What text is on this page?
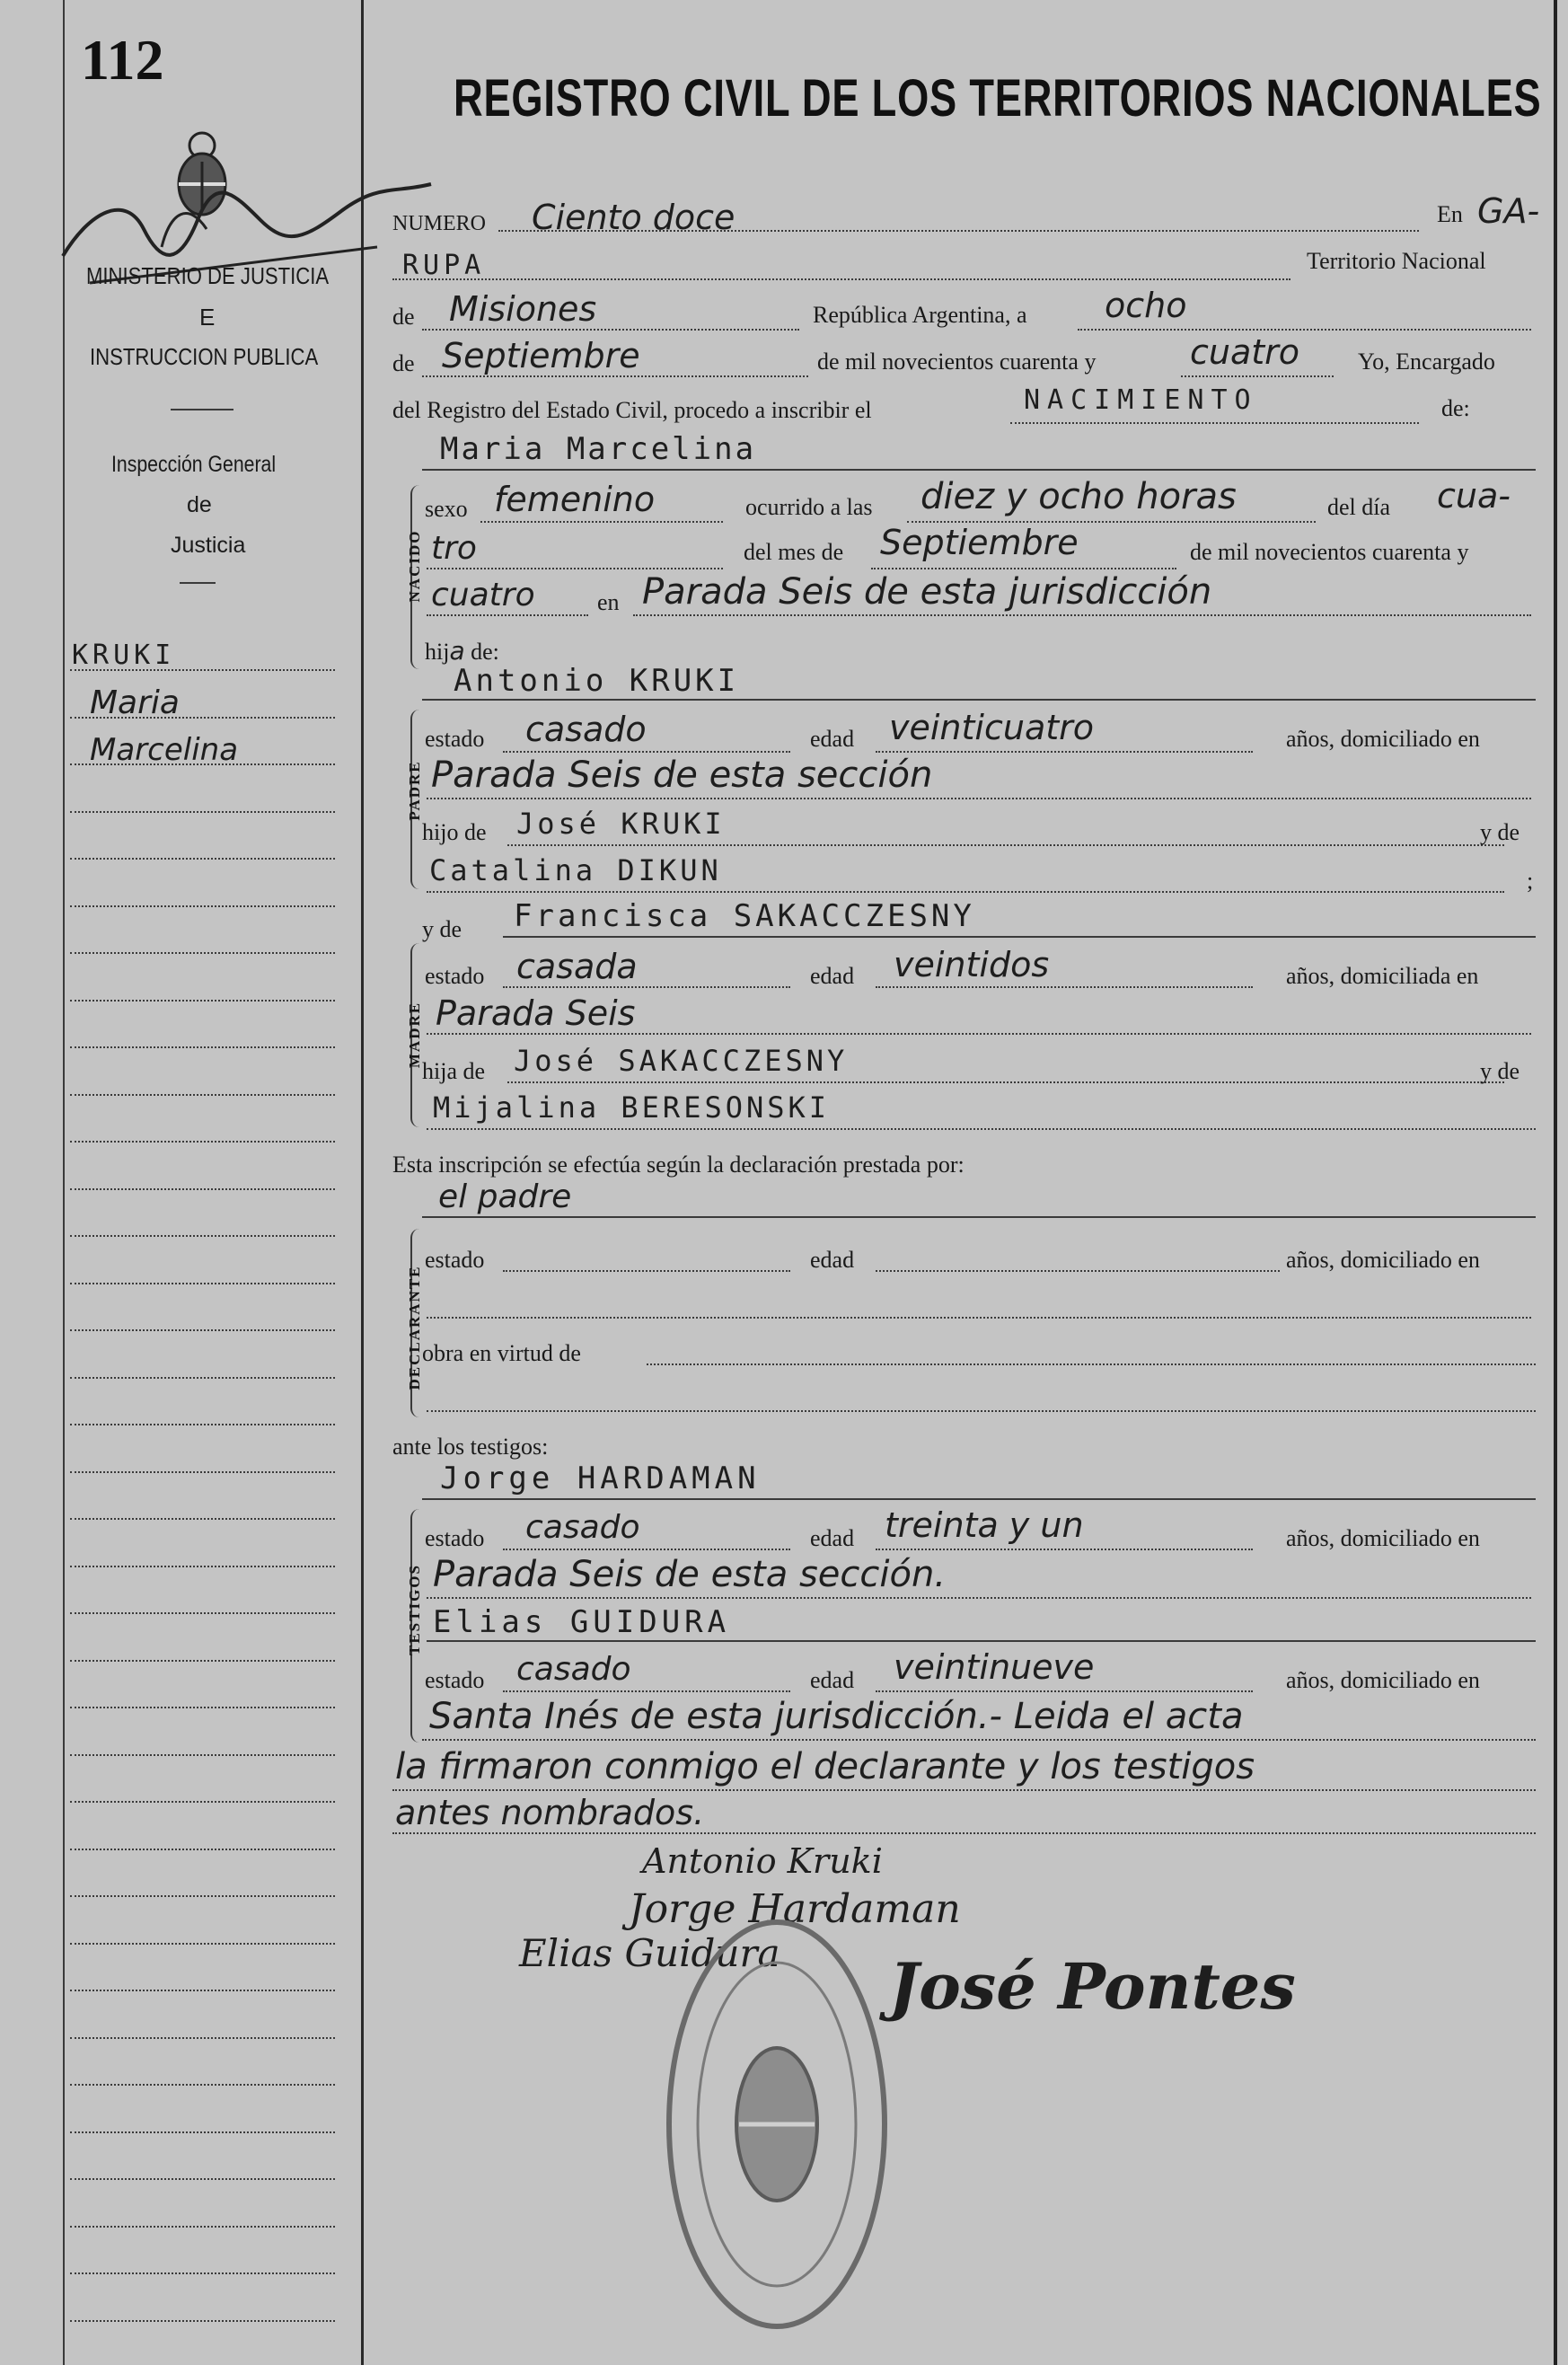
112
REGISTRO CIVIL DE LOS TERRITORIOS NACIONALES
MINISTERIO DE JUSTICIA
E
INSTRUCCION PUBLICA
Inspección General
de
Justicia
KRUKI
Maria
Marcelina
NUMERO Ciento doce	En GA-
RUPA	Territorio Nacional
de Misiones	República Argentina, a ocho
de Septiembre	de mil novecientos cuarenta y	cuatro Yo, Encargado
del Registro del Estado Civil, procedo a inscribir el	NACIMIENTO	de:
Maria Marcelina
NACIDO
sexo femenino	ocurrido a las diez y ocho horas	del día cua-
tro	del mes de Septiembre	de mil novecientos cuarenta y
cuatro	en Parada Seis de esta jurisdicción
hija de:
Antonio KRUKI
PADRE
estado casado	edad veinticuatro	años, domiciliado en
Parada Seis de esta sección
hijo de José KRUKI	y de
Catalina DIKUN	;
y de Francisca SAKACCZESNY
MADRE
estado casada	edad veintidos	años, domiciliada en
Parada Seis
hija de José SAKACCZESNY	y de
Mijalina BERESONSKI
Esta inscripción se efectúa según la declaración prestada por:
el padre
DECLARANTE
estado	edad	años, domiciliado en
obra en virtud de
ante los testigos:
Jorge HARDAMAN
TESTIGOS
estado casado	edad treinta y un	años, domiciliado en
Parada Seis de esta sección.
Elias GUIDURA
estado casado	edad veintinueve	años, domiciliado en
Santa Inés de esta jurisdicción.- Leida el acta
la firmaron conmigo el declarante y los testigos
antes nombrados.
Antonio Kruki
Jorge Hardaman
Elias Guidura José Pontes
